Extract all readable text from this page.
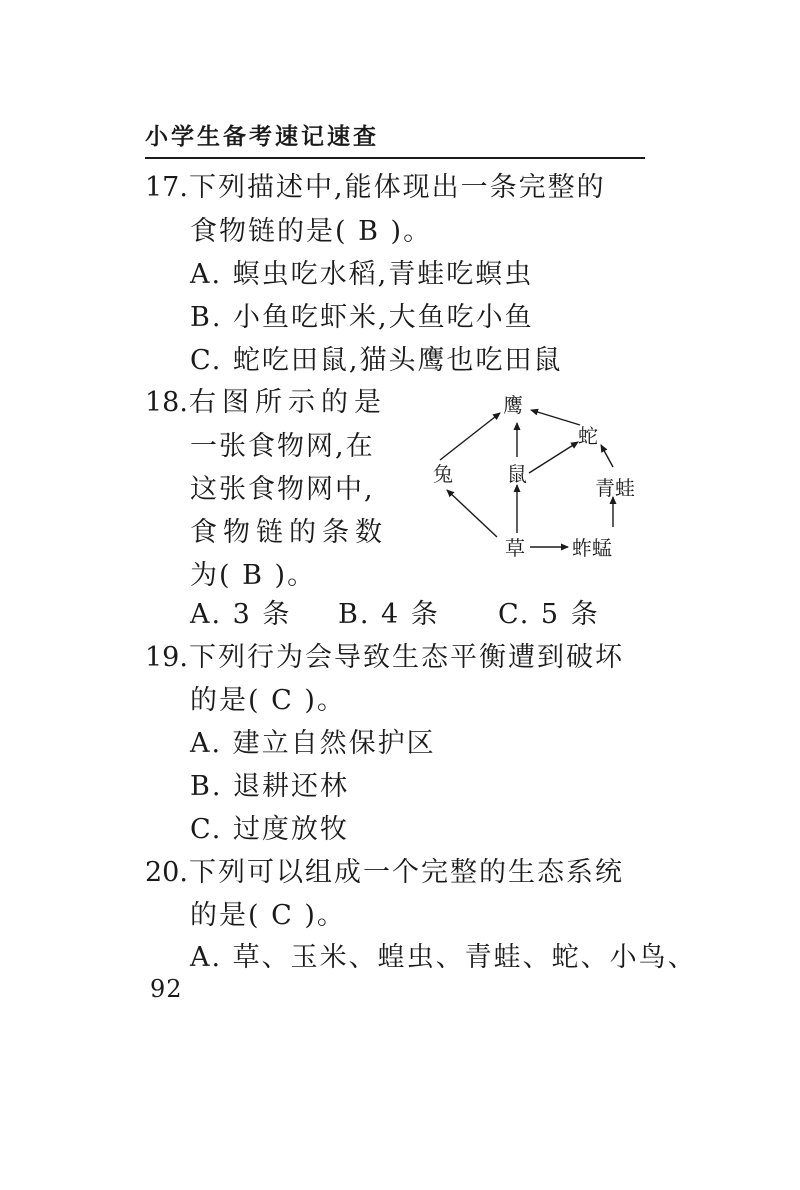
小学生备考速记速查
17.下列描述中,能体现出一条完整的
食物链的是( B )。
A. 螟虫吃水稻,青蛙吃螟虫
B. 小鱼吃虾米,大鱼吃小鱼
C. 蛇吃田鼠,猫头鹰也吃田鼠
18.右图所示的是
一张食物网,在
这张食物网中,
食物链的条数
为( B )。
鹰
蛇
兔	鼠
青蛙
草 蚱蜢
A. 3 条 B. 4 条 C. 5 条
19.下列行为会导致生态平衡遭到破坏
的是( C )。
A. 建立自然保护区
B. 退耕还林
C. 过度放牧
20.下列可以组成一个完整的生态系统
的是( C )。
A. 草、玉米、蝗虫、青蛙、蛇、小鸟、
92
